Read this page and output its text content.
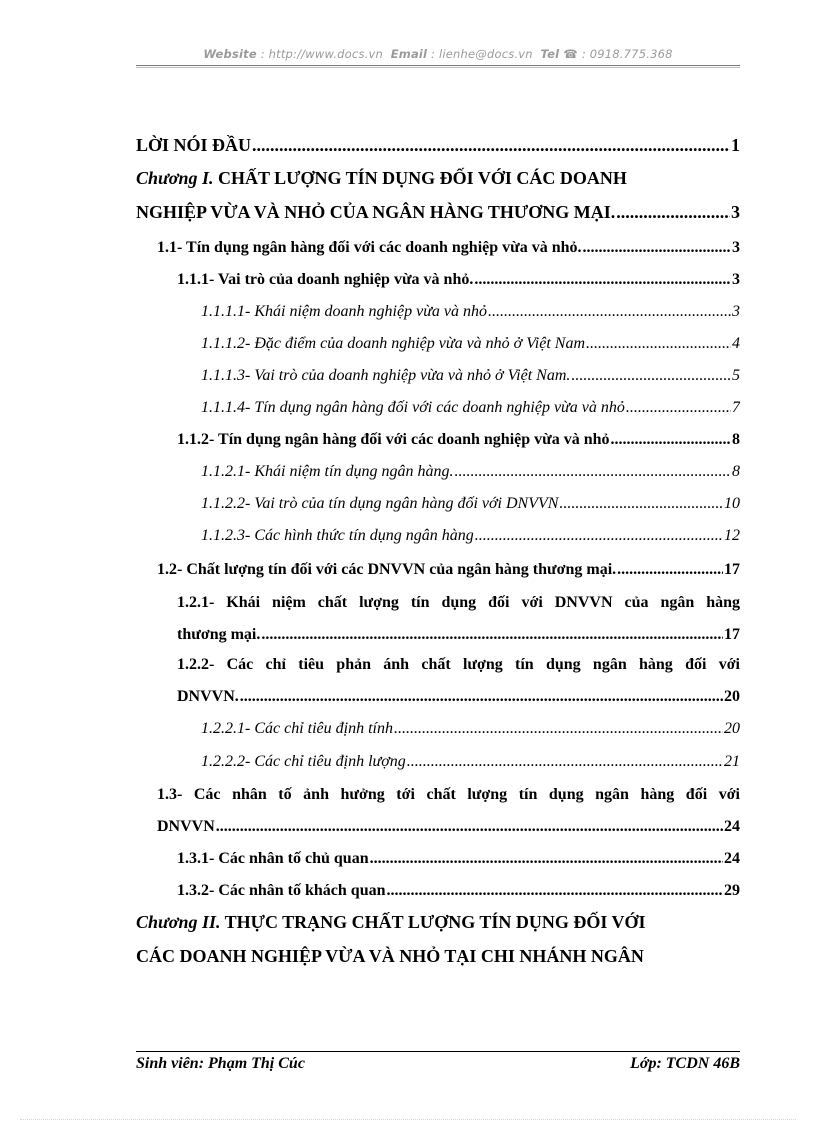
Website : http://www.docs.vn Email : lienhe@docs.vn Tel ☎ : 0918.775.368
LỜI NÓI ĐẦU .....	1
Chương I. CHẤT LƯỢNG TÍN DỤNG ĐỐI VỚI CÁC DOANH
NGHIỆP VỪA VÀ NHỎ CỦA NGÂN HÀNG THƯƠNG MẠI. .....	3
1.1- Tín dụng ngân hàng đối với các doanh nghiệp vừa và nhỏ. .....	3
1.1.1- Vai trò của doanh nghiệp vừa và nhỏ. .....	3
1.1.1.1- Khái niệm doanh nghiệp vừa và nhỏ .....	3
1.1.1.2- Đặc điểm của doanh nghiệp vừa và nhỏ ở Việt Nam .....	4
1.1.1.3- Vai trò của doanh nghiệp vừa và nhỏ ở Việt Nam. .....	5
1.1.1.4- Tín dụng ngân hàng đối với các doanh nghiệp vừa và nhỏ .....	7
1.1.2- Tín dụng ngân hàng đối với các doanh nghiệp vừa và nhỏ .....	8
1.1.2.1- Khái niệm tín dụng ngân hàng. .....	8
1.1.2.2- Vai trò của tín dụng ngân hàng đối với DNVVN .....	10
1.1.2.3- Các hình thức tín dụng ngân hàng .....	12
1.2- Chất lượng tín đối với các DNVVN của ngân hàng thương mại. .....	17
1.2.1- Khái niệm chất lượng tín dụng đối với DNVVN của ngân hàng
thương mại. .....	17
1.2.2- Các chỉ tiêu phản ánh chất lượng tín dụng ngân hàng đối với
DNVVN. .....	20
1.2.2.1- Các chỉ tiêu định tính .....	20
1.2.2.2- Các chỉ tiêu định lượng .....	21
1.3- Các nhân tố ảnh hưởng tới chất lượng tín dụng ngân hàng đối với
DNVVN .....	24
1.3.1- Các nhân tố chủ quan .....	24
1.3.2- Các nhân tố khách quan .....	29
Chương II. THỰC TRẠNG CHẤT LƯỢNG TÍN DỤNG ĐỐI VỚI
CÁC DOANH NGHIỆP VỪA VÀ NHỎ TẠI CHI NHÁNH NGÂN
Sinh viên: Phạm Thị Cúc	Lớp: TCDN 46B
